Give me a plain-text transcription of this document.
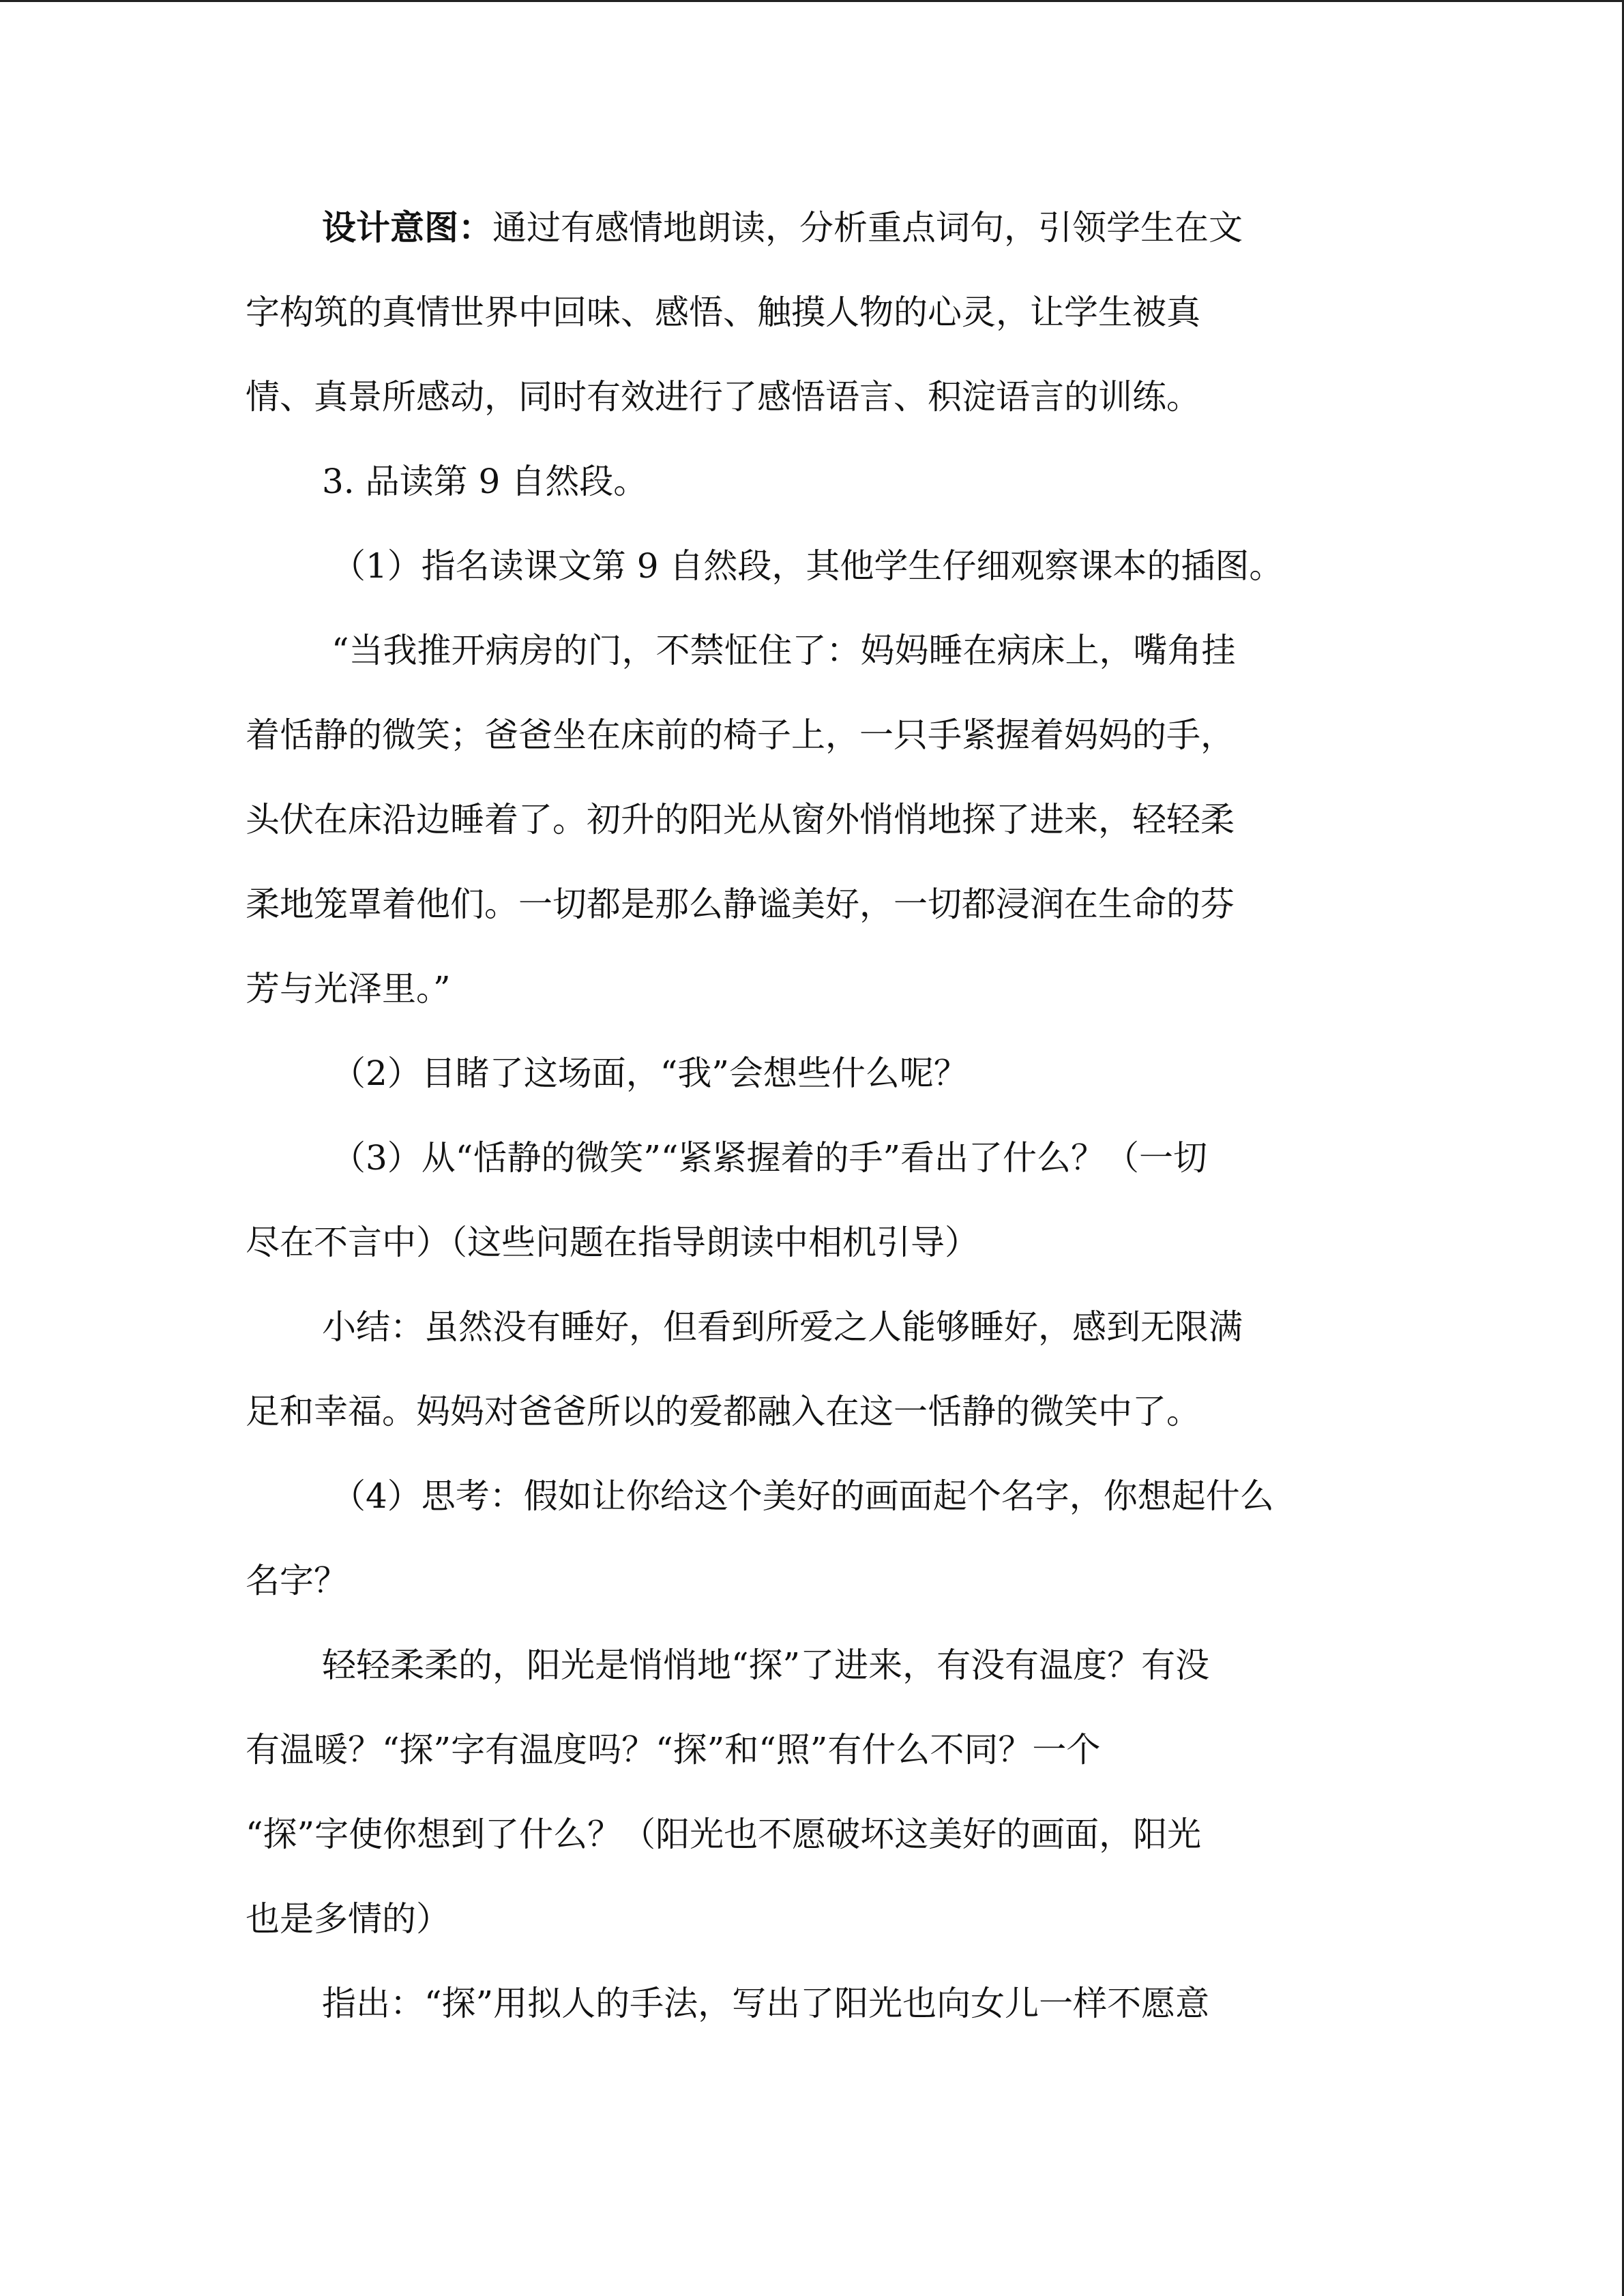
设计意图：通过有感情地朗读，分析重点词句，引领学生在文
字构筑的真情世界中回味、感悟、触摸人物的心灵，让学生被真
情、真景所感动，同时有效进行了感悟语言、积淀语言的训练。
3. 品读第 9 自然段。
（1）指名读课文第 9 自然段，其他学生仔细观察课本的插图。
“当我推开病房的门，不禁怔住了：妈妈睡在病床上，嘴角挂
着恬静的微笑；爸爸坐在床前的椅子上，一只手紧握着妈妈的手，
头伏在床沿边睡着了。初升的阳光从窗外悄悄地探了进来，轻轻柔
柔地笼罩着他们。一切都是那么静谧美好，一切都浸润在生命的芬
芳与光泽里。”
（2）目睹了这场面，“我”会想些什么呢？
（3）从“恬静的微笑”“紧紧握着的手”看出了什么？（一切
尽在不言中）（这些问题在指导朗读中相机引导）
小结：虽然没有睡好，但看到所爱之人能够睡好，感到无限满
足和幸福。妈妈对爸爸所以的爱都融入在这一恬静的微笑中了。
（4）思考：假如让你给这个美好的画面起个名字，你想起什么
名字？
轻轻柔柔的，阳光是悄悄地“探”了进来，有没有温度？有没
有温暖？“探”字有温度吗？“探”和“照”有什么不同？一个
“探”字使你想到了什么？（阳光也不愿破坏这美好的画面，阳光
也是多情的）
指出：“探”用拟人的手法，写出了阳光也向女儿一样不愿意
